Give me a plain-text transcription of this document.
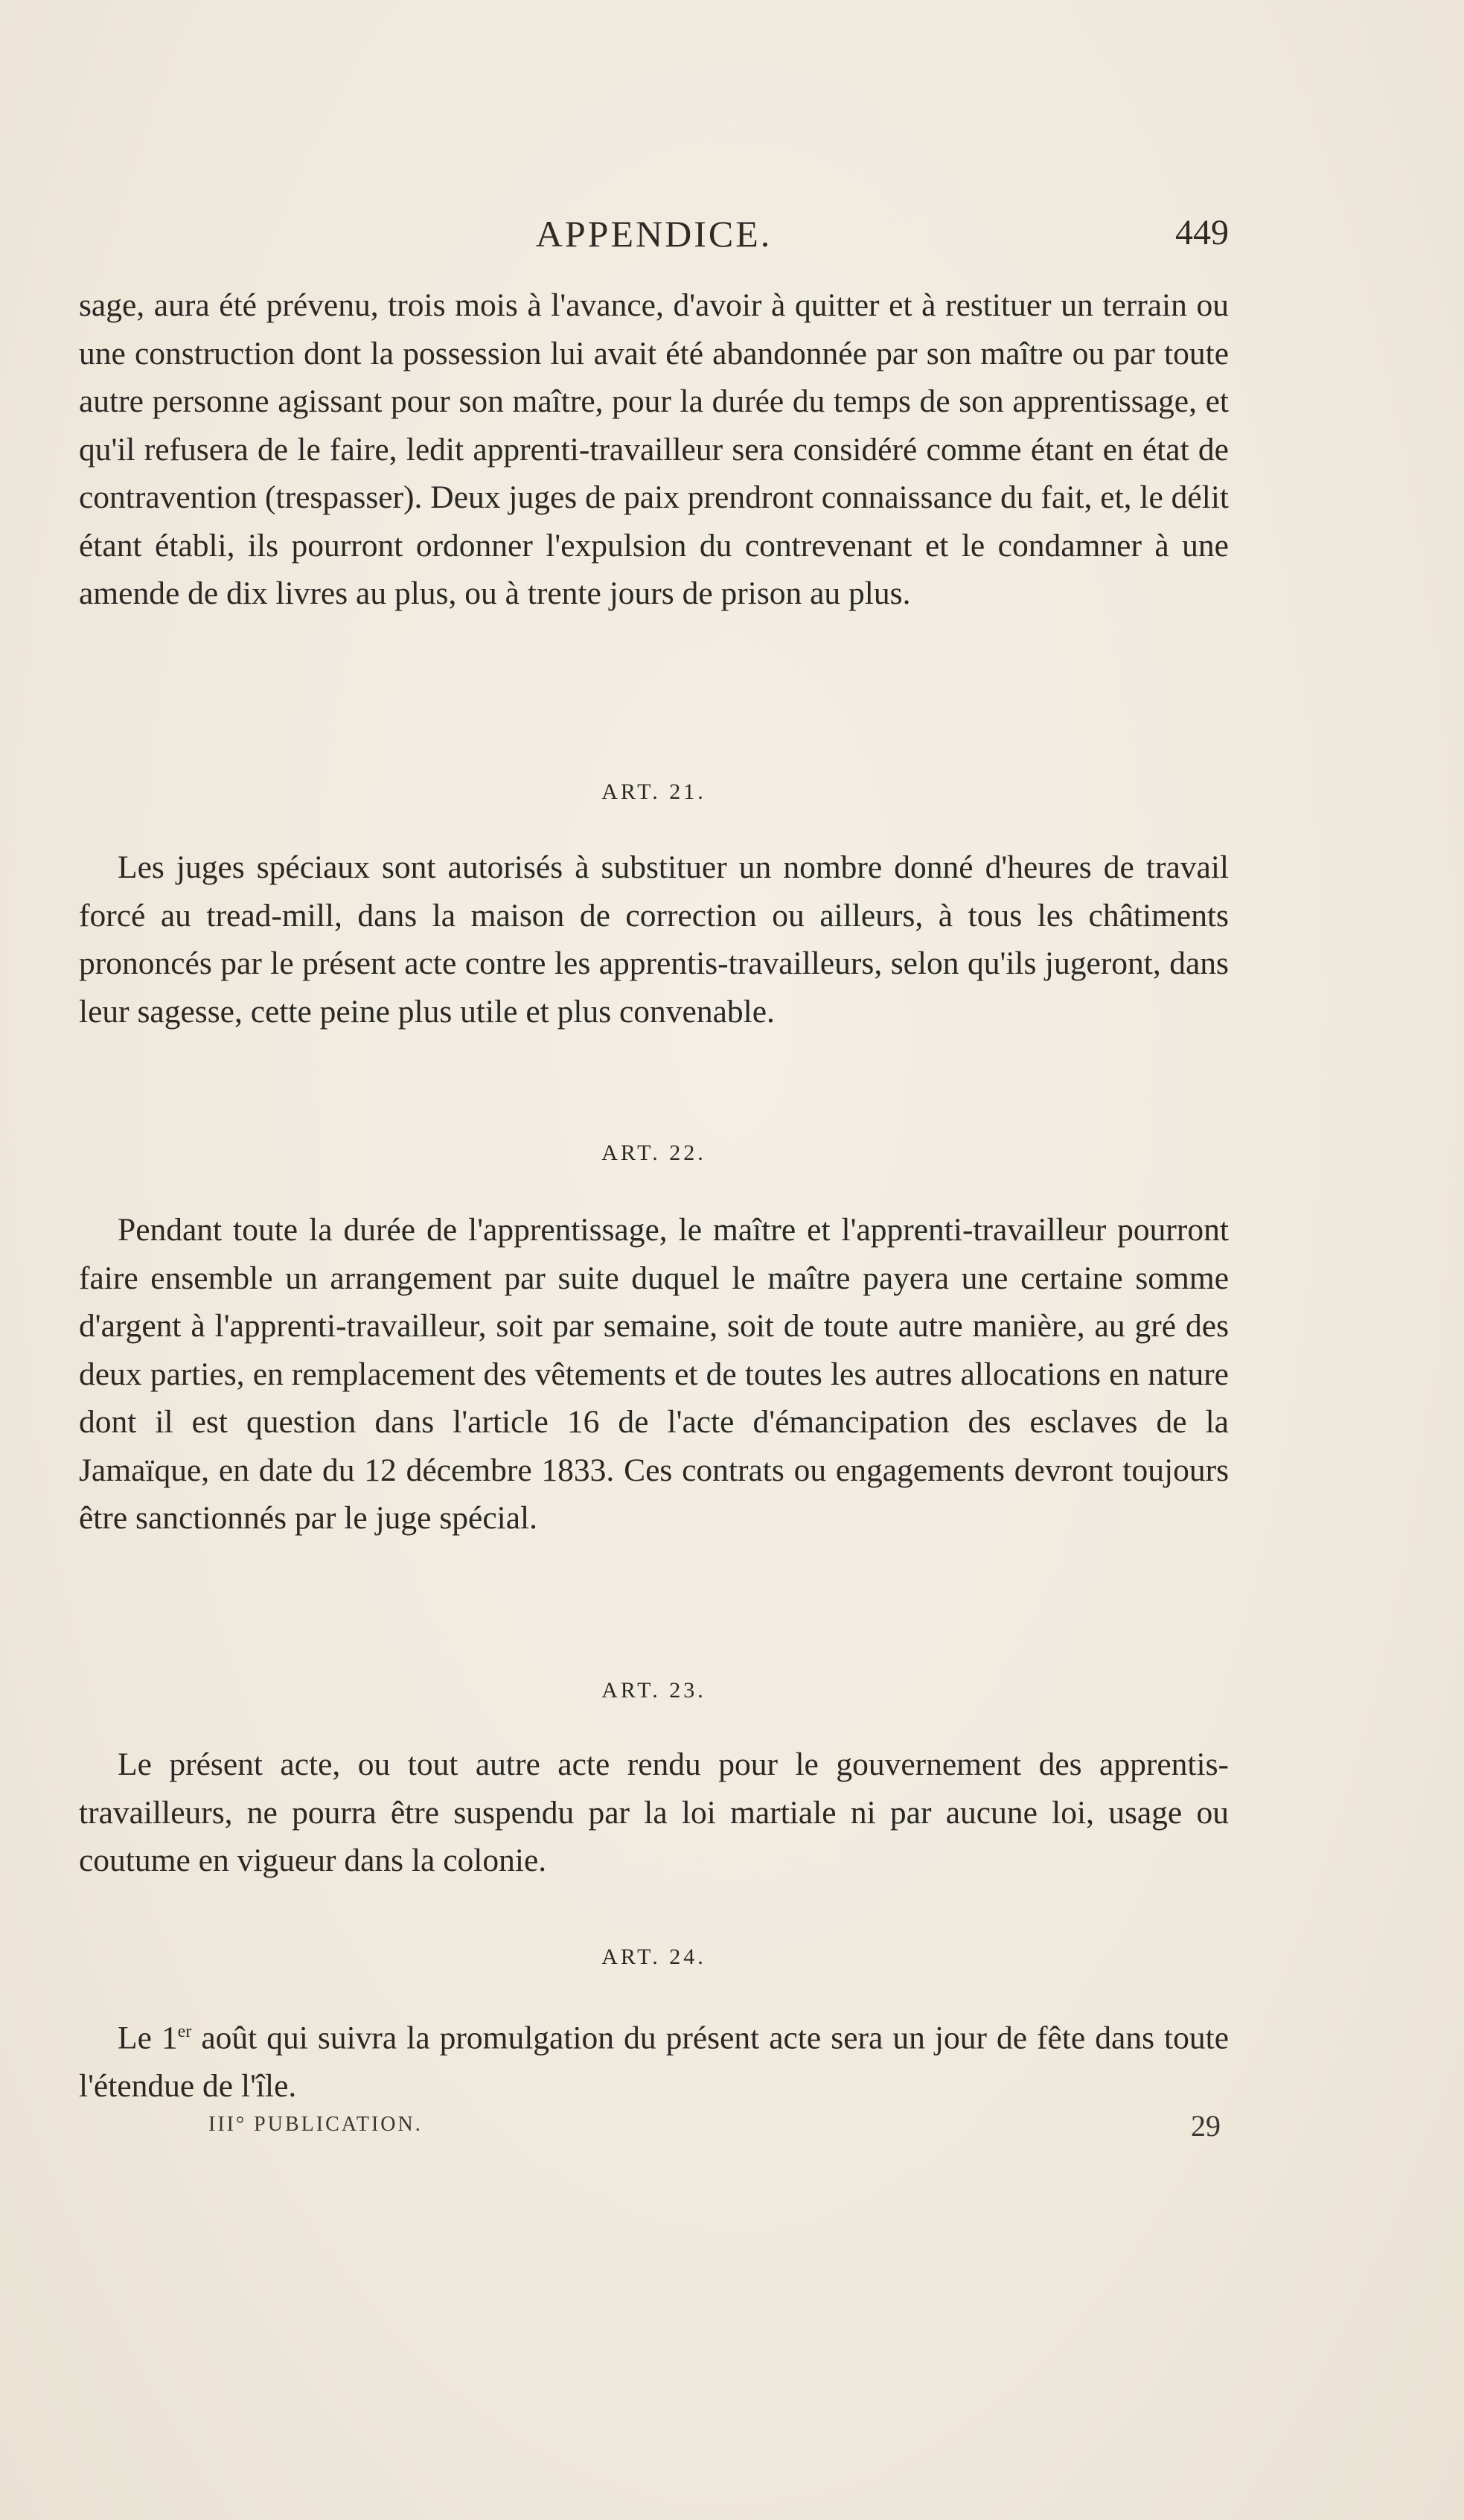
APPENDICE.	449

sage, aura été prévenu, trois mois à l'avance, d'avoir à quitter et à restituer un terrain ou une construction dont la possession lui avait été abandonnée par son maître ou par toute autre personne agissant pour son maître, pour la durée du temps de son apprentissage, et qu'il refusera de le faire, ledit apprenti-travailleur sera considéré comme étant en état de contravention (trespasser). Deux juges de paix prendront connaissance du fait, et, le délit étant établi, ils pourront ordonner l'expulsion du contrevenant et le condamner à une amende de dix livres au plus, ou à trente jours de prison au plus.

ART. 21.

Les juges spéciaux sont autorisés à substituer un nombre donné d'heures de travail forcé au tread-mill, dans la maison de correction ou ailleurs, à tous les châtiments prononcés par le présent acte contre les apprentis-travailleurs, selon qu'ils jugeront, dans leur sagesse, cette peine plus utile et plus convenable.

ART. 22.

Pendant toute la durée de l'apprentissage, le maître et l'apprenti-travailleur pourront faire ensemble un arrangement par suite duquel le maître payera une certaine somme d'argent à l'apprenti-travailleur, soit par semaine, soit de toute autre manière, au gré des deux parties, en remplacement des vêtements et de toutes les autres allocations en nature dont il est question dans l'article 16 de l'acte d'émancipation des esclaves de la Jamaïque, en date du 12 décembre 1833. Ces contrats ou engagements devront toujours être sanctionnés par le juge spécial.

ART. 23.

Le présent acte, ou tout autre acte rendu pour le gouvernement des apprentis-travailleurs, ne pourra être suspendu par la loi martiale ni par aucune loi, usage ou coutume en vigueur dans la colonie.

ART. 24.

Le 1er août qui suivra la promulgation du présent acte sera un jour de fête dans toute l'étendue de l'île.

III° PUBLICATION.	29
